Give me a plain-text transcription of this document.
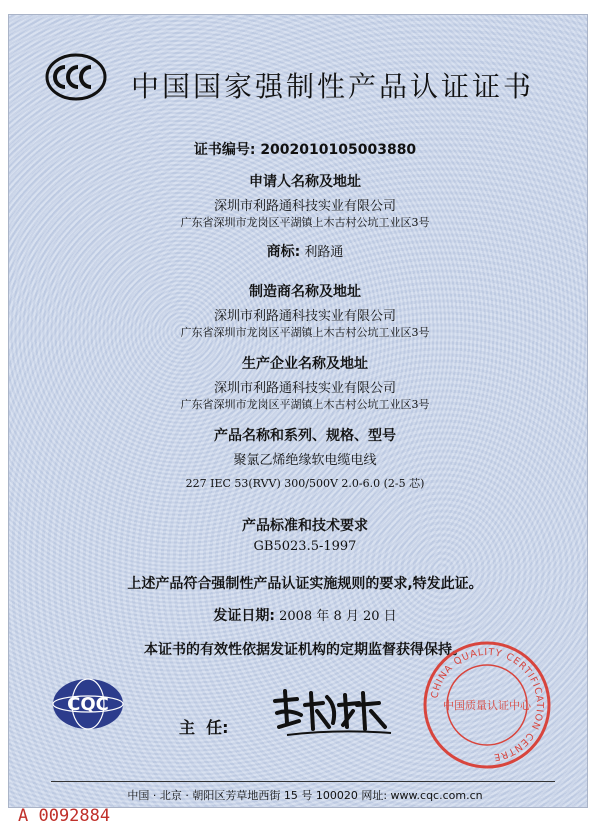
中国国家强制性产品认证证书
证书编号: 2002010105003880
申请人名称及地址
深圳市利路通科技实业有限公司
广东省深圳市龙岗区平湖镇上木古村公坑工业区3号
商标: 利路通
制造商名称及地址
深圳市利路通科技实业有限公司
广东省深圳市龙岗区平湖镇上木古村公坑工业区3号
生产企业名称及地址
深圳市利路通科技实业有限公司
广东省深圳市龙岗区平湖镇上木古村公坑工业区3号
产品名称和系列、规格、型号
聚氯乙烯绝缘软电缆电线
227 IEC 53(RVV) 300/500V 2.0-6.0 (2-5 芯)
产品标准和技术要求
GB5023.5-1997
上述产品符合强制性产品认证实施规则的要求,特发此证。
发证日期: 2008 年 8 月 20 日
本证书的有效性依据发证机构的定期监督获得保持。
CQC
主  任:
CHINA QUALITY CERTIFICATION CENTRE
中国质量认证中心
中国 · 北京 · 朝阳区芳草地西街 15 号 100020 网址: www.cqc.com.cn
A 0092884
